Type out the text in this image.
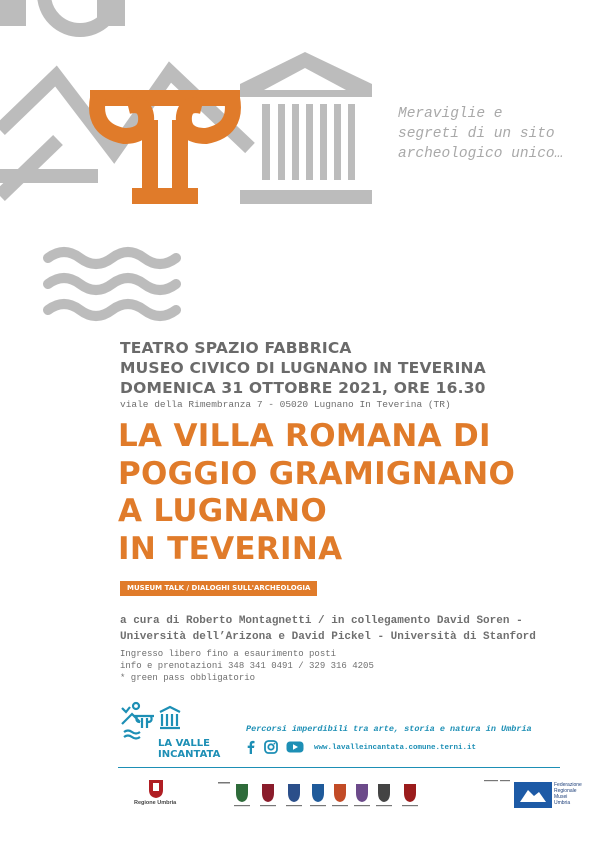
Meraviglie e
segreti di un sito
archeologico unico…
TEATRO SPAZIO FABBRICA
MUSEO CIVICO DI LUGNANO IN TEVERINA
DOMENICA 31 OTTOBRE 2021, ORE 16.30
viale della Rimembranza 7 - 05020 Lugnano In Teverina (TR)
LA VILLA ROMANA DI
POGGIO GRAMIGNANO
A LUGNANO
IN TEVERINA
MUSEUM TALK / DIALOGHI SULL'ARCHEOLOGIA
a cura di Roberto Montagnetti / in collegamento David Soren -
Università dell’Arizona e David Pickel - Università di Stanford
Ingresso libero fino a esaurimento posti
info e prenotazioni 348 341 0491 / 329 316 4205
* green pass obbligatorio
LA VALLE
INCANTATA
Percorsi imperdibili tra arte, storia e natura in Umbria
www.lavalleincantata.comune.terni.it
Regione Umbria
Federazione
Regionale
Musei
Umbria
